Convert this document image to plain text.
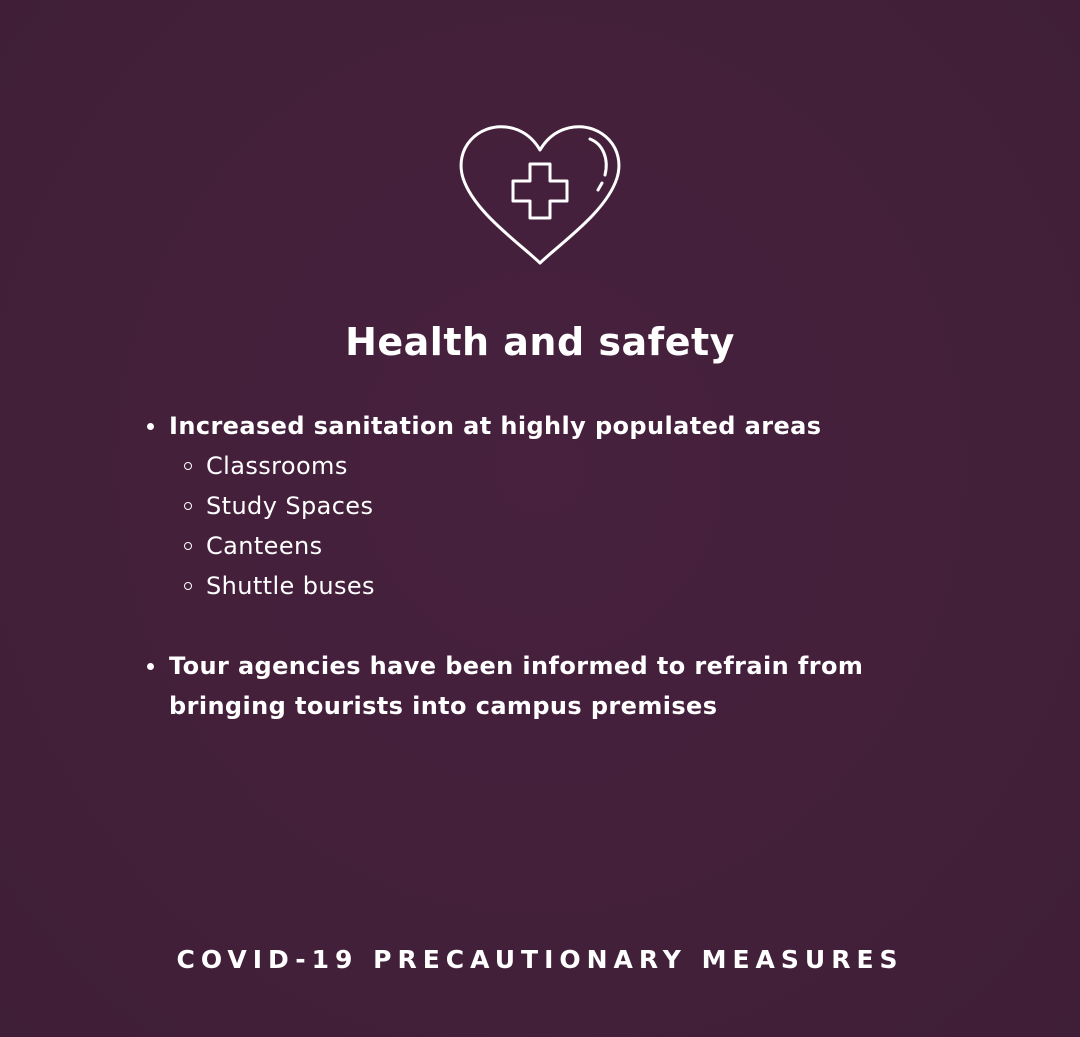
Health and safety
Increased sanitation at highly populated areas
Classrooms
Study Spaces
Canteens
Shuttle buses
Tour agencies have been informed to refrain from bringing tourists into campus premises

COVID-19 PRECAUTIONARY MEASURES
